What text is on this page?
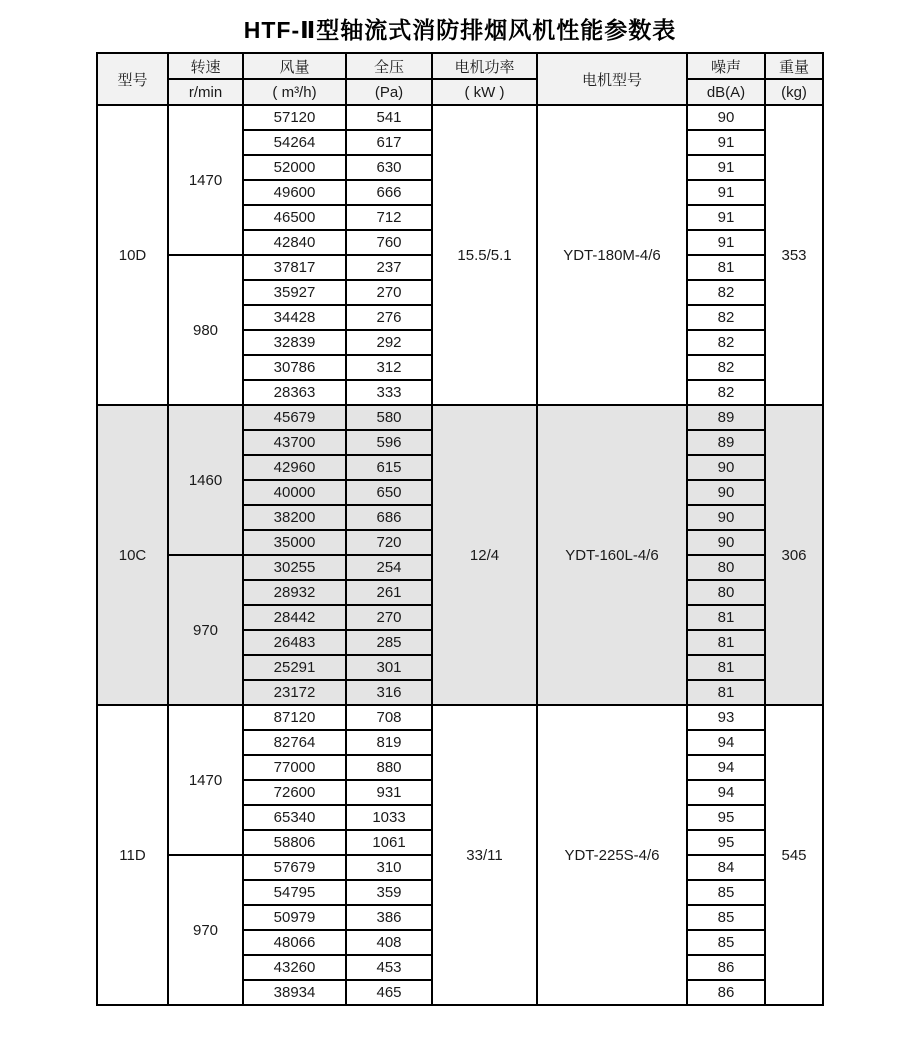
HTF-Ⅱ型轴流式消防排烟风机性能参数表
型号	转速	风量	全压	电机功率	电机型号	噪声	重量
	r/min	( m³/h)	(Pa)	( kW )		dB(A)	(kg)
10D	1470	57120	541	15.5/5.1	YDT-180M-4/6	90	353
		54264	617			91	
		52000	630			91	
		49600	666			91	
		46500	712			91	
		42840	760			91	
	980	37817	237			81	
		35927	270			82	
		34428	276			82	
		32839	292			82	
		30786	312			82	
		28363	333			82	
10C	1460	45679	580	12/4	YDT-160L-4/6	89	306
		43700	596			89	
		42960	615			90	
		40000	650			90	
		38200	686			90	
		35000	720			90	
	970	30255	254			80	
		28932	261			80	
		28442	270			81	
		26483	285			81	
		25291	301			81	
		23172	316			81	
11D	1470	87120	708	33/11	YDT-225S-4/6	93	545
		82764	819			94	
		77000	880			94	
		72600	931			94	
		65340	1033			95	
		58806	1061			95	
	970	57679	310			84	
		54795	359			85	
		50979	386			85	
		48066	408			85	
		43260	453			86	
		38934	465			86	
